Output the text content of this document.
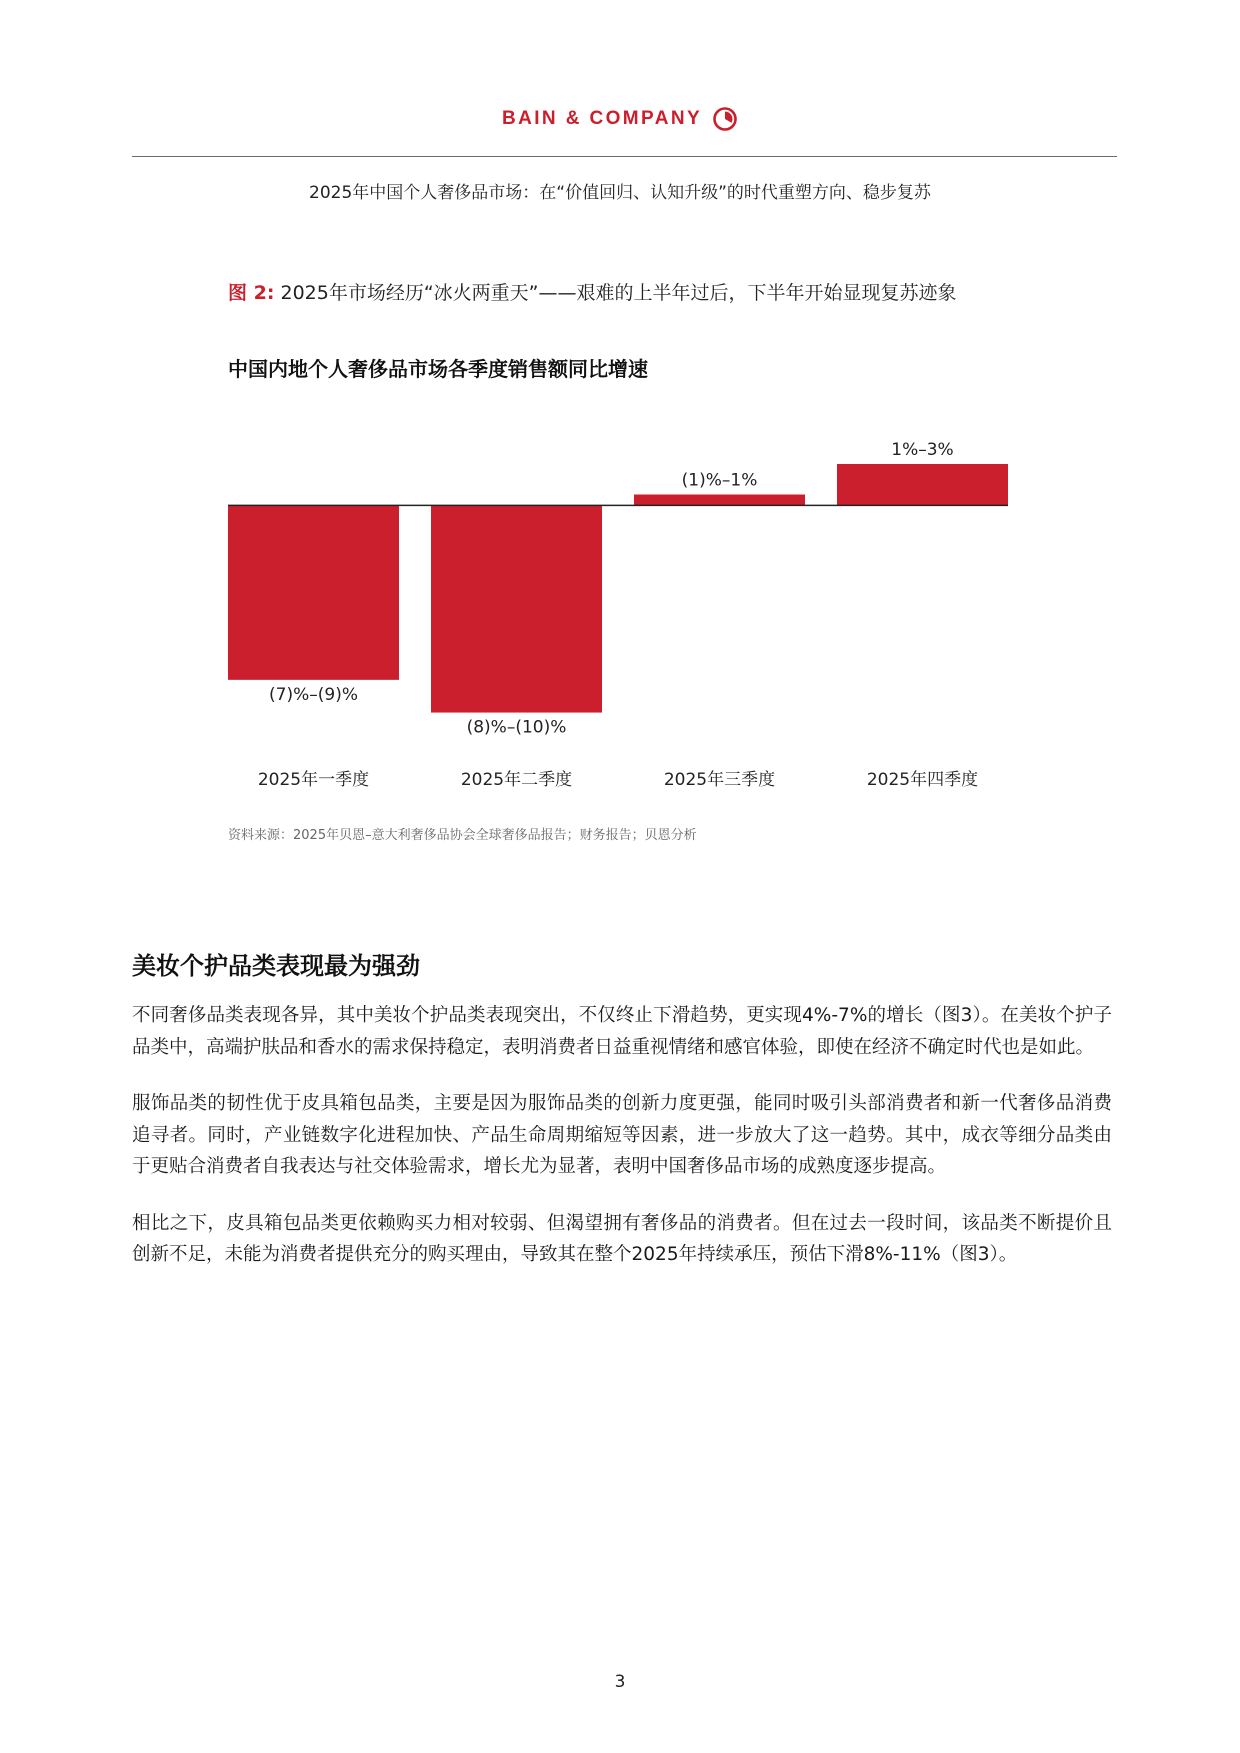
BAIN & COMPANY
2025年中国个人奢侈品市场：在“价值回归、认知升级”的时代重塑方向、稳步复苏
图 2: 2025年市场经历“冰火两重天”——艰难的上半年过后，下半年开始显现复苏迹象
中国内地个人奢侈品市场各季度销售额同比增速
(7)%–(9)%
2025年一季度
(8)%–(10)%
2025年二季度
(1)%–1%
2025年三季度
1%–3%
2025年四季度
资料来源：2025年贝恩–意大利奢侈品协会全球奢侈品报告；财务报告；贝恩分析
美妆个护品类表现最为强劲

不同奢侈品类表现各异，其中美妆个护品类表现突出，不仅终止下滑趋势，更实现4%-7%的增长（图3）。在美妆个护子品类中，高端护肤品和香水的需求保持稳定，表明消费者日益重视情绪和感官体验，即使在经济不确定时代也是如此。

服饰品类的韧性优于皮具箱包品类，主要是因为服饰品类的创新力度更强，能同时吸引头部消费者和新一代奢侈品消费追寻者。同时，产业链数字化进程加快、产品生命周期缩短等因素，进一步放大了这一趋势。其中，成衣等细分品类由于更贴合消费者自我表达与社交体验需求，增长尤为显著，表明中国奢侈品市场的成熟度逐步提高。

相比之下，皮具箱包品类更依赖购买力相对较弱、但渴望拥有奢侈品的消费者。但在过去一段时间，该品类不断提价且创新不足，未能为消费者提供充分的购买理由，导致其在整个2025年持续承压，预估下滑8%-11%（图3）。

3
